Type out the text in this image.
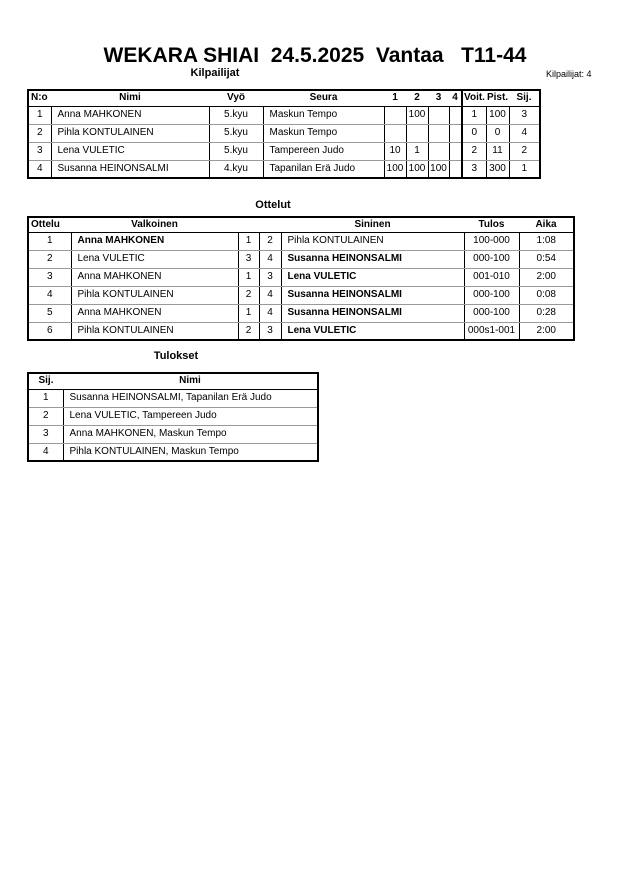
WEKARA SHIAI  24.5.2025  Vantaa   T11-44
Kilpailijat	Kilpailijat: 4
N:o	Nimi	Vyö	Seura	1	2	3	4	Voit.	Pist.	Sij.
1	Anna MAHKONEN	5.kyu	Maskun Tempo		100			1	100	3
2	Pihla KONTULAINEN	5.kyu	Maskun Tempo					0	0	4
3	Lena VULETIC	5.kyu	Tampereen Judo	10	1			2	11	2
4	Susanna HEINONSALMI	4.kyu	Tapanilan Erä Judo	100	100	100		3	300	1
Ottelut
Ottelu	Valkoinen			Sininen	Tulos	Aika
1	Anna MAHKONEN	1	2	Pihla KONTULAINEN	100-000	1:08
2	Lena VULETIC	3	4	Susanna HEINONSALMI	000-100	0:54
3	Anna MAHKONEN	1	3	Lena VULETIC	001-010	2:00
4	Pihla KONTULAINEN	2	4	Susanna HEINONSALMI	000-100	0:08
5	Anna MAHKONEN	1	4	Susanna HEINONSALMI	000-100	0:28
6	Pihla KONTULAINEN	2	3	Lena VULETIC	000s1-001	2:00
Tulokset
Sij.	Nimi
1	Susanna HEINONSALMI, Tapanilan Erä Judo
2	Lena VULETIC, Tampereen Judo
3	Anna MAHKONEN, Maskun Tempo
4	Pihla KONTULAINEN, Maskun Tempo
